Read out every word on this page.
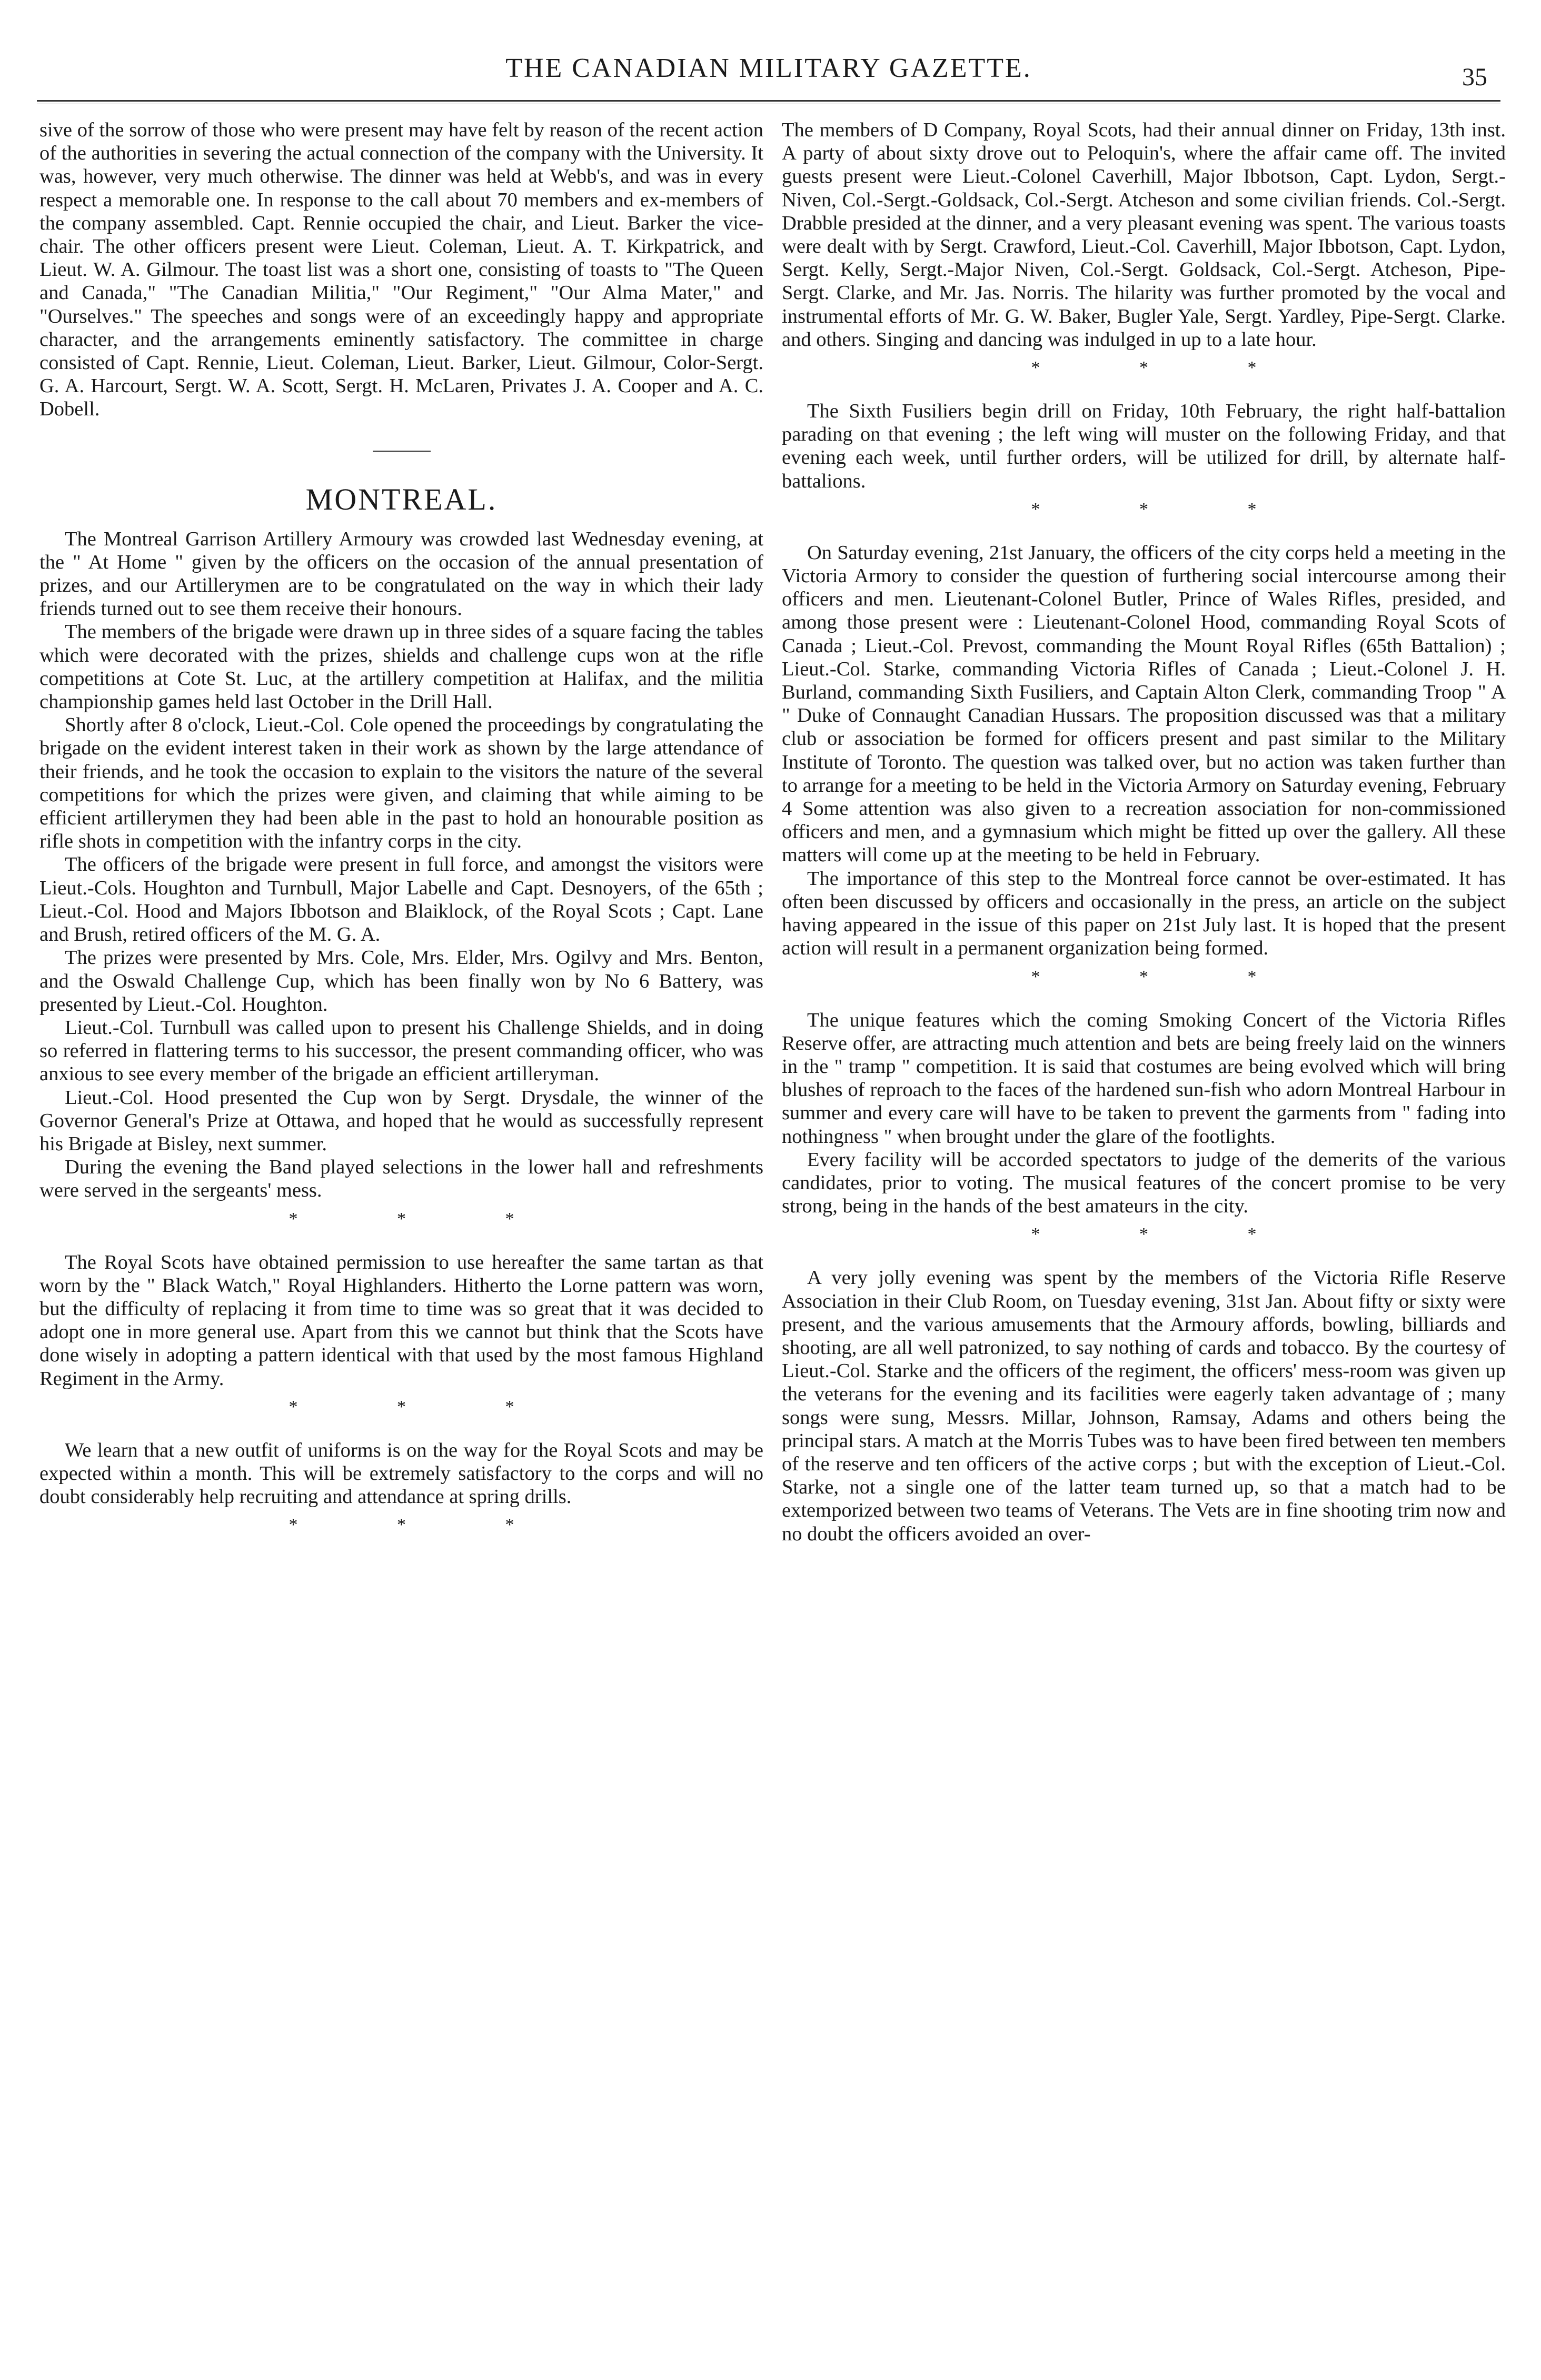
THE CANADIAN MILITARY GAZETTE.	35

sive of the sorrow of those who were present may have felt by reason of the recent action of the authorities in severing the actual connection of the company with the University. It was, however, very much otherwise. The dinner was held at Webb's, and was in every respect a memorable one. In response to the call about 70 members and ex-members of the company assembled. Capt. Rennie occupied the chair, and Lieut. Barker the vice-chair. The other officers present were Lieut. Coleman, Lieut. A. T. Kirkpatrick, and Lieut. W. A. Gilmour. The toast list was a short one, consisting of toasts to "The Queen and Canada," "The Canadian Militia," "Our Regiment," "Our Alma Mater," and "Ourselves." The speeches and songs were of an exceedingly happy and appropriate character, and the arrangements eminently satisfactory. The committee in charge consisted of Capt. Rennie, Lieut. Coleman, Lieut. Barker, Lieut. Gilmour, Color-Sergt. G. A. Harcourt, Sergt. W. A. Scott, Sergt. H. McLaren, Privates J. A. Cooper and A. C. Dobell.

MONTREAL.

The Montreal Garrison Artillery Armoury was crowded last Wednesday evening, at the " At Home " given by the officers on the occasion of the annual presentation of prizes, and our Artillerymen are to be congratulated on the way in which their lady friends turned out to see them receive their honours.

The members of the brigade were drawn up in three sides of a square facing the tables which were decorated with the prizes, shields and challenge cups won at the rifle competitions at Cote St. Luc, at the artillery competition at Halifax, and the militia championship games held last October in the Drill Hall.

Shortly after 8 o'clock, Lieut.-Col. Cole opened the proceedings by congratulating the brigade on the evident interest taken in their work as shown by the large attendance of their friends, and he took the occasion to explain to the visitors the nature of the several competitions for which the prizes were given, and claiming that while aiming to be efficient artillerymen they had been able in the past to hold an honourable position as rifle shots in competition with the infantry corps in the city.

The officers of the brigade were present in full force, and amongst the visitors were Lieut.-Cols. Houghton and Turnbull, Major Labelle and Capt. Desnoyers, of the 65th ; Lieut.-Col. Hood and Majors Ibbotson and Blaiklock, of the Royal Scots ; Capt. Lane and Brush, retired officers of the M. G. A.

The prizes were presented by Mrs. Cole, Mrs. Elder, Mrs. Ogilvy and Mrs. Benton, and the Oswald Challenge Cup, which has been finally won by No 6 Battery, was presented by Lieut.-Col. Houghton.

Lieut.-Col. Turnbull was called upon to present his Challenge Shields, and in doing so referred in flattering terms to his successor, the present commanding officer, who was anxious to see every member of the brigade an efficient artilleryman.

Lieut.-Col. Hood presented the Cup won by Sergt. Drysdale, the winner of the Governor General's Prize at Ottawa, and hoped that he would as successfully represent his Brigade at Bisley, next summer.

During the evening the Band played selections in the lower hall and refreshments were served in the sergeants' mess.

* * *

The Royal Scots have obtained permission to use hereafter the same tartan as that worn by the " Black Watch," Royal Highlanders. Hitherto the Lorne pattern was worn, but the difficulty of replacing it from time to time was so great that it was decided to adopt one in more general use. Apart from this we cannot but think that the Scots have done wisely in adopting a pattern identical with that used by the most famous Highland Regiment in the Army.

* * *

We learn that a new outfit of uniforms is on the way for the Royal Scots and may be expected within a month. This will be extremely satisfactory to the corps and will no doubt considerably help recruiting and attendance at spring drills.

* * *

The members of D Company, Royal Scots, had their annual dinner on Friday, 13th inst. A party of about sixty drove out to Peloquin's, where the affair came off. The invited guests present were Lieut.-Colonel Caverhill, Major Ibbotson, Capt. Lydon, Sergt.-Niven, Col.-Sergt.-Goldsack, Col.-Sergt. Atcheson and some civilian friends. Col.-Sergt. Drabble presided at the dinner, and a very pleasant evening was spent. The various toasts were dealt with by Sergt. Crawford, Lieut.-Col. Caverhill, Major Ibbotson, Capt. Lydon, Sergt. Kelly, Sergt.-Major Niven, Col.-Sergt. Goldsack, Col.-Sergt. Atcheson, Pipe-Sergt. Clarke, and Mr. Jas. Norris. The hilarity was further promoted by the vocal and instrumental efforts of Mr. G. W. Baker, Bugler Yale, Sergt. Yardley, Pipe-Sergt. Clarke. and others. Singing and dancing was indulged in up to a late hour.

* * *

The Sixth Fusiliers begin drill on Friday, 10th February, the right half-battalion parading on that evening ; the left wing will muster on the following Friday, and that evening each week, until further orders, will be utilized for drill, by alternate half-battalions.

* * *

On Saturday evening, 21st January, the officers of the city corps held a meeting in the Victoria Armory to consider the question of furthering social intercourse among their officers and men. Lieutenant-Colonel Butler, Prince of Wales Rifles, presided, and among those present were : Lieutenant-Colonel Hood, commanding Royal Scots of Canada ; Lieut.-Col. Prevost, commanding the Mount Royal Rifles (65th Battalion) ; Lieut.-Col. Starke, commanding Victoria Rifles of Canada ; Lieut.-Colonel J. H. Burland, commanding Sixth Fusiliers, and Captain Alton Clerk, commanding Troop " A " Duke of Connaught Canadian Hussars. The proposition discussed was that a military club or association be formed for officers present and past similar to the Military Institute of Toronto. The question was talked over, but no action was taken further than to arrange for a meeting to be held in the Victoria Armory on Saturday evening, February 4 Some attention was also given to a recreation association for non-commissioned officers and men, and a gymnasium which might be fitted up over the gallery. All these matters will come up at the meeting to be held in February.

The importance of this step to the Montreal force cannot be over-estimated. It has often been discussed by officers and occasionally in the press, an article on the subject having appeared in the issue of this paper on 21st July last. It is hoped that the present action will result in a permanent organization being formed.

* * *

The unique features which the coming Smoking Concert of the Victoria Rifles Reserve offer, are attracting much attention and bets are being freely laid on the winners in the " tramp " competition. It is said that costumes are being evolved which will bring blushes of reproach to the faces of the hardened sun-fish who adorn Montreal Harbour in summer and every care will have to be taken to prevent the garments from " fading into nothingness " when brought under the glare of the footlights.

Every facility will be accorded spectators to judge of the demerits of the various candidates, prior to voting. The musical features of the concert promise to be very strong, being in the hands of the best amateurs in the city.

* * *

A very jolly evening was spent by the members of the Victoria Rifle Reserve Association in their Club Room, on Tuesday evening, 31st Jan. About fifty or sixty were present, and the various amusements that the Armoury affords, bowling, billiards and shooting, are all well patronized, to say nothing of cards and tobacco. By the courtesy of Lieut.-Col. Starke and the officers of the regiment, the officers' mess-room was given up the veterans for the evening and its facilities were eagerly taken advantage of ; many songs were sung, Messrs. Millar, Johnson, Ramsay, Adams and others being the principal stars. A match at the Morris Tubes was to have been fired between ten members of the reserve and ten officers of the active corps ; but with the exception of Lieut.-Col. Starke, not a single one of the latter team turned up, so that a match had to be extemporized between two teams of Veterans. The Vets are in fine shooting trim now and no doubt the officers avoided an over-
